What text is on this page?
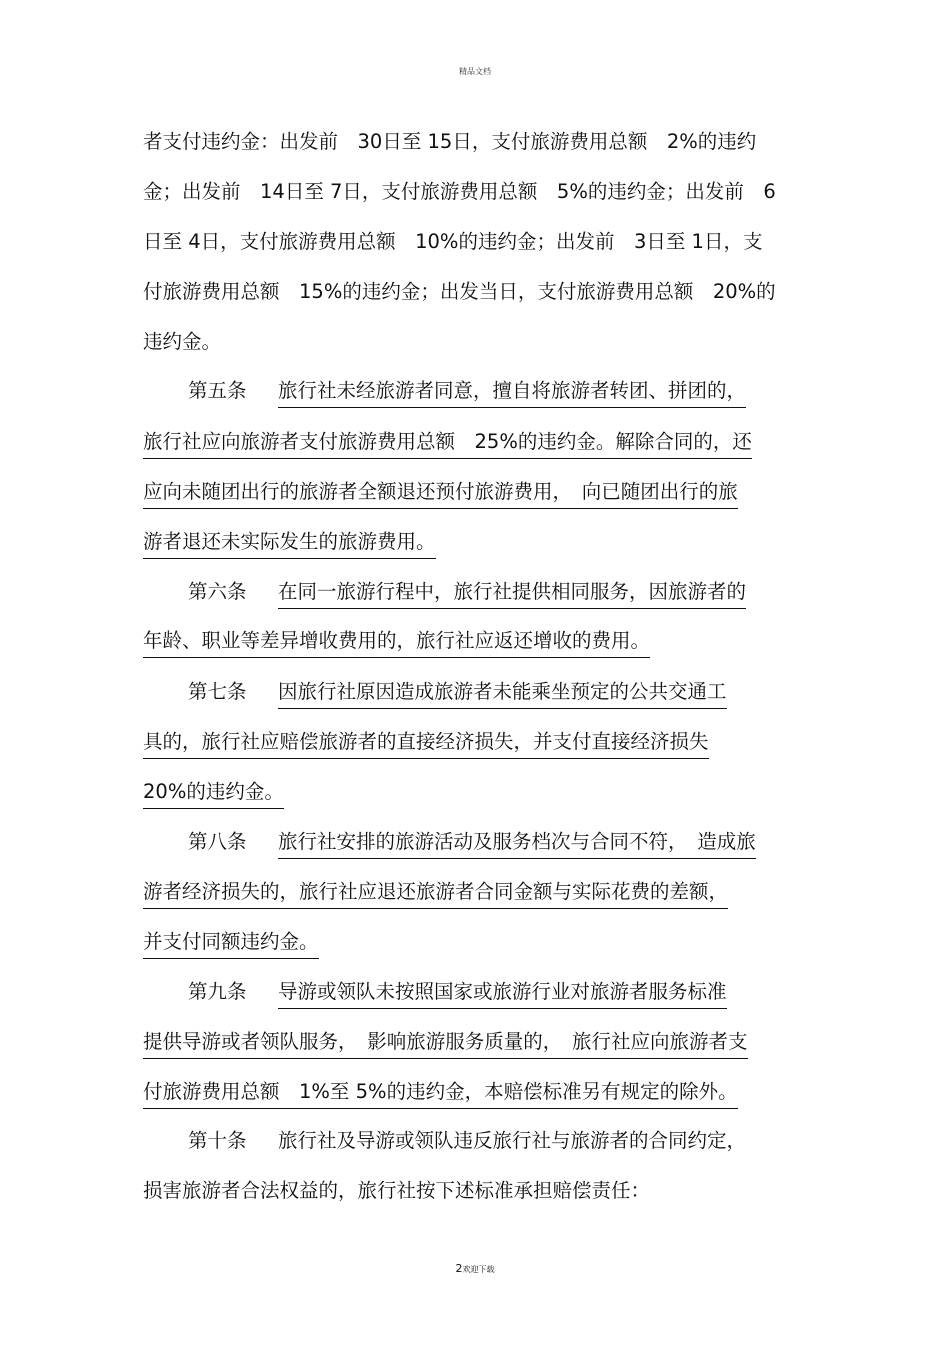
精品文档
者支付违约金：出发前　30日至 15日，支付旅游费用总额　2%的违约
金；出发前　14日至 7日，支付旅游费用总额　5%的违约金；出发前　6
日至 4日，支付旅游费用总额　10%的违约金；出发前　3日至 1日，支
付旅游费用总额　15%的违约金；出发当日，支付旅游费用总额　20%的
违约金。
第五条 旅行社未经旅游者同意，擅自将旅游者转团、拼团的，
旅行社应向旅游者支付旅游费用总额　25%的违约金。解除合同的，还
应向未随团出行的旅游者全额退还预付旅游费用，　向已随团出行的旅
游者退还未实际发生的旅游费用。
第六条 在同一旅游行程中，旅行社提供相同服务，因旅游者的
年龄、职业等差异增收费用的，旅行社应返还增收的费用。
第七条 因旅行社原因造成旅游者未能乘坐预定的公共交通工
具的，旅行社应赔偿旅游者的直接经济损失，并支付直接经济损失
20%的违约金。
第八条 旅行社安排的旅游活动及服务档次与合同不符，　造成旅
游者经济损失的，旅行社应退还旅游者合同金额与实际花费的差额，
并支付同额违约金。
第九条 导游或领队未按照国家或旅游行业对旅游者服务标准
提供导游或者领队服务，　影响旅游服务质量的，　旅行社应向旅游者支
付旅游费用总额　1%至 5%的违约金，本赔偿标准另有规定的除外。
第十条 旅行社及导游或领队违反旅行社与旅游者的合同约定，
损害旅游者合法权益的，旅行社按下述标准承担赔偿责任：
2欢迎下载
